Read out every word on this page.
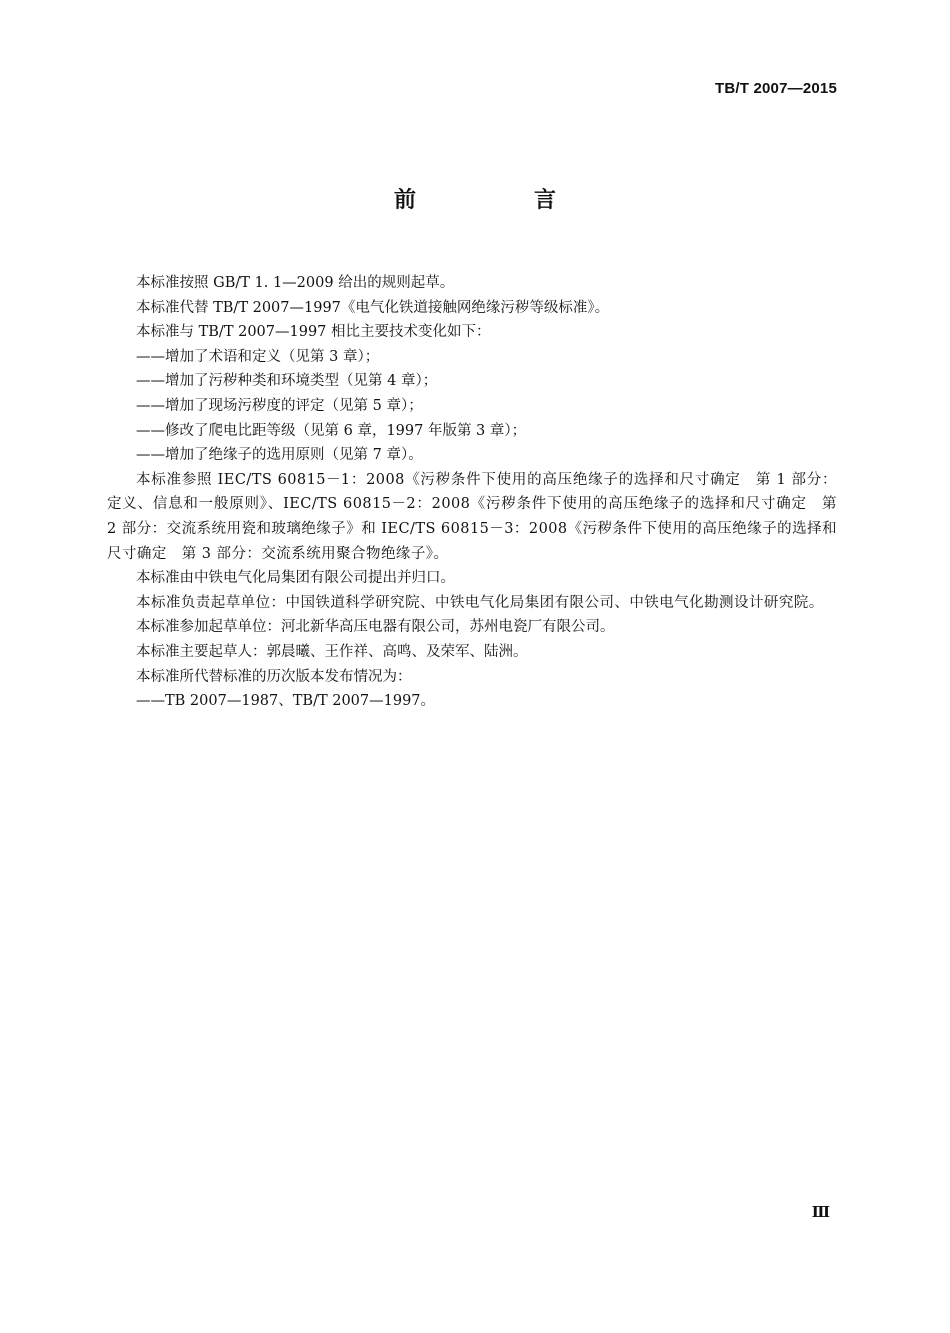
TB/T 2007—2015
前　言

本标准按照 GB/T 1. 1—2009 给出的规则起草。

本标准代替 TB/T 2007—1997《电气化铁道接触网绝缘污秽等级标准》。

本标准与 TB/T 2007—1997 相比主要技术变化如下：

——增加了术语和定义（见第 3 章）；

——增加了污秽种类和环境类型（见第 4 章）；

——增加了现场污秽度的评定（见第 5 章）；

——修改了爬电比距等级（见第 6 章，1997 年版第 3 章）；

——增加了绝缘子的选用原则（见第 7 章）。

本标准参照 IEC/TS 60815－1：2008《污秽条件下使用的高压绝缘子的选择和尺寸确定　第 1 部分：定义、信息和一般原则》、IEC/TS 60815－2：2008《污秽条件下使用的高压绝缘子的选择和尺寸确定　第 2 部分：交流系统用瓷和玻璃绝缘子》和 IEC/TS 60815－3：2008《污秽条件下使用的高压绝缘子的选择和尺寸确定　第 3 部分：交流系统用聚合物绝缘子》。

本标准由中铁电气化局集团有限公司提出并归口。

本标准负责起草单位：中国铁道科学研究院、中铁电气化局集团有限公司、中铁电气化勘测设计研究院。

本标准参加起草单位：河北新华高压电器有限公司，苏州电瓷厂有限公司。

本标准主要起草人：郭晨曦、王作祥、高鸣、及荣军、陆洲。

本标准所代替标准的历次版本发布情况为：

——TB 2007—1987、TB/T 2007—1997。

Ⅲ
